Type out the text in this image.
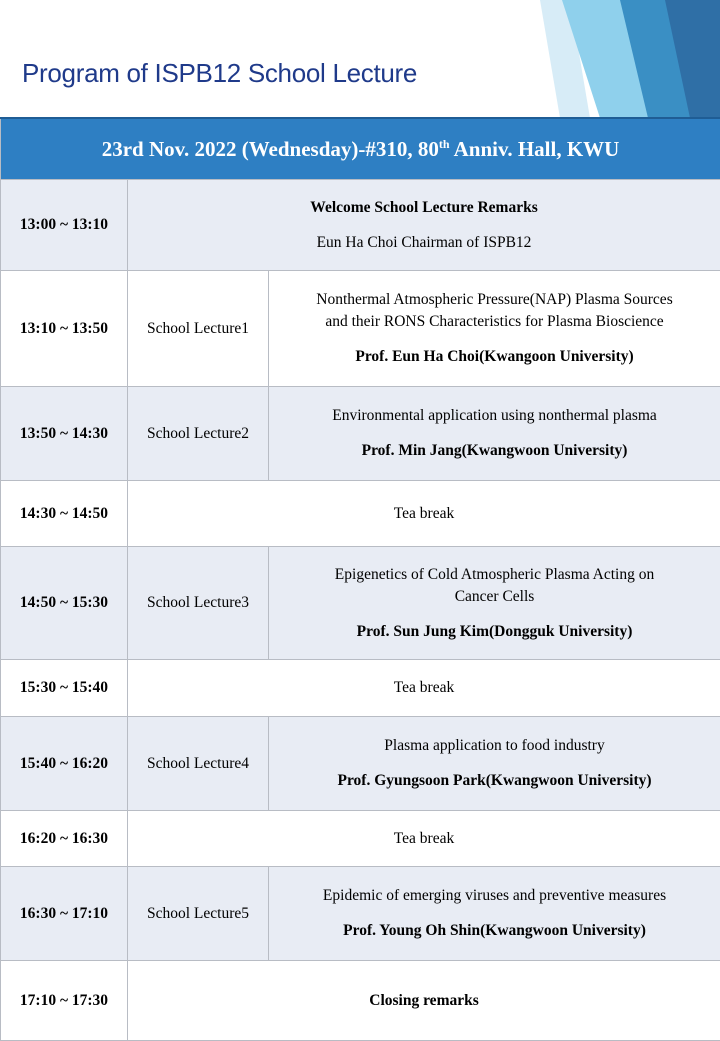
Program of ISPB12 School Lecture
23rd Nov. 2022 (Wednesday)-#310, 80th Anniv. Hall, KWU		
13:00 ~ 13:10	Welcome School Lecture Remarks
Eun Ha Choi Chairman of ISPB12	

13:10 ~ 13:50	School Lecture1	Nonthermal Atmospheric Pressure(NAP) Plasma Sources
and their RONS Characteristics for Plasma Bioscience
Prof. Eun Ha Choi(Kwangoon University)

13:50 ~ 14:30	School Lecture2	Environmental application using nonthermal plasma
Prof. Min Jang(Kwangwoon University)

14:30 ~ 14:50	Tea break	
14:50 ~ 15:30	School Lecture3	Epigenetics of Cold Atmospheric Plasma Acting on
Cancer Cells
Prof. Sun Jung Kim(Dongguk University)

15:30 ~ 15:40	Tea break	
15:40 ~ 16:20	School Lecture4	Plasma application to food industry
Prof. Gyungsoon Park(Kwangwoon University)

16:20 ~ 16:30	Tea break	
16:30 ~ 17:10	School Lecture5	Epidemic of emerging viruses and preventive measures
Prof. Young Oh Shin(Kwangwoon University)

17:10 ~ 17:30	Closing remarks	
